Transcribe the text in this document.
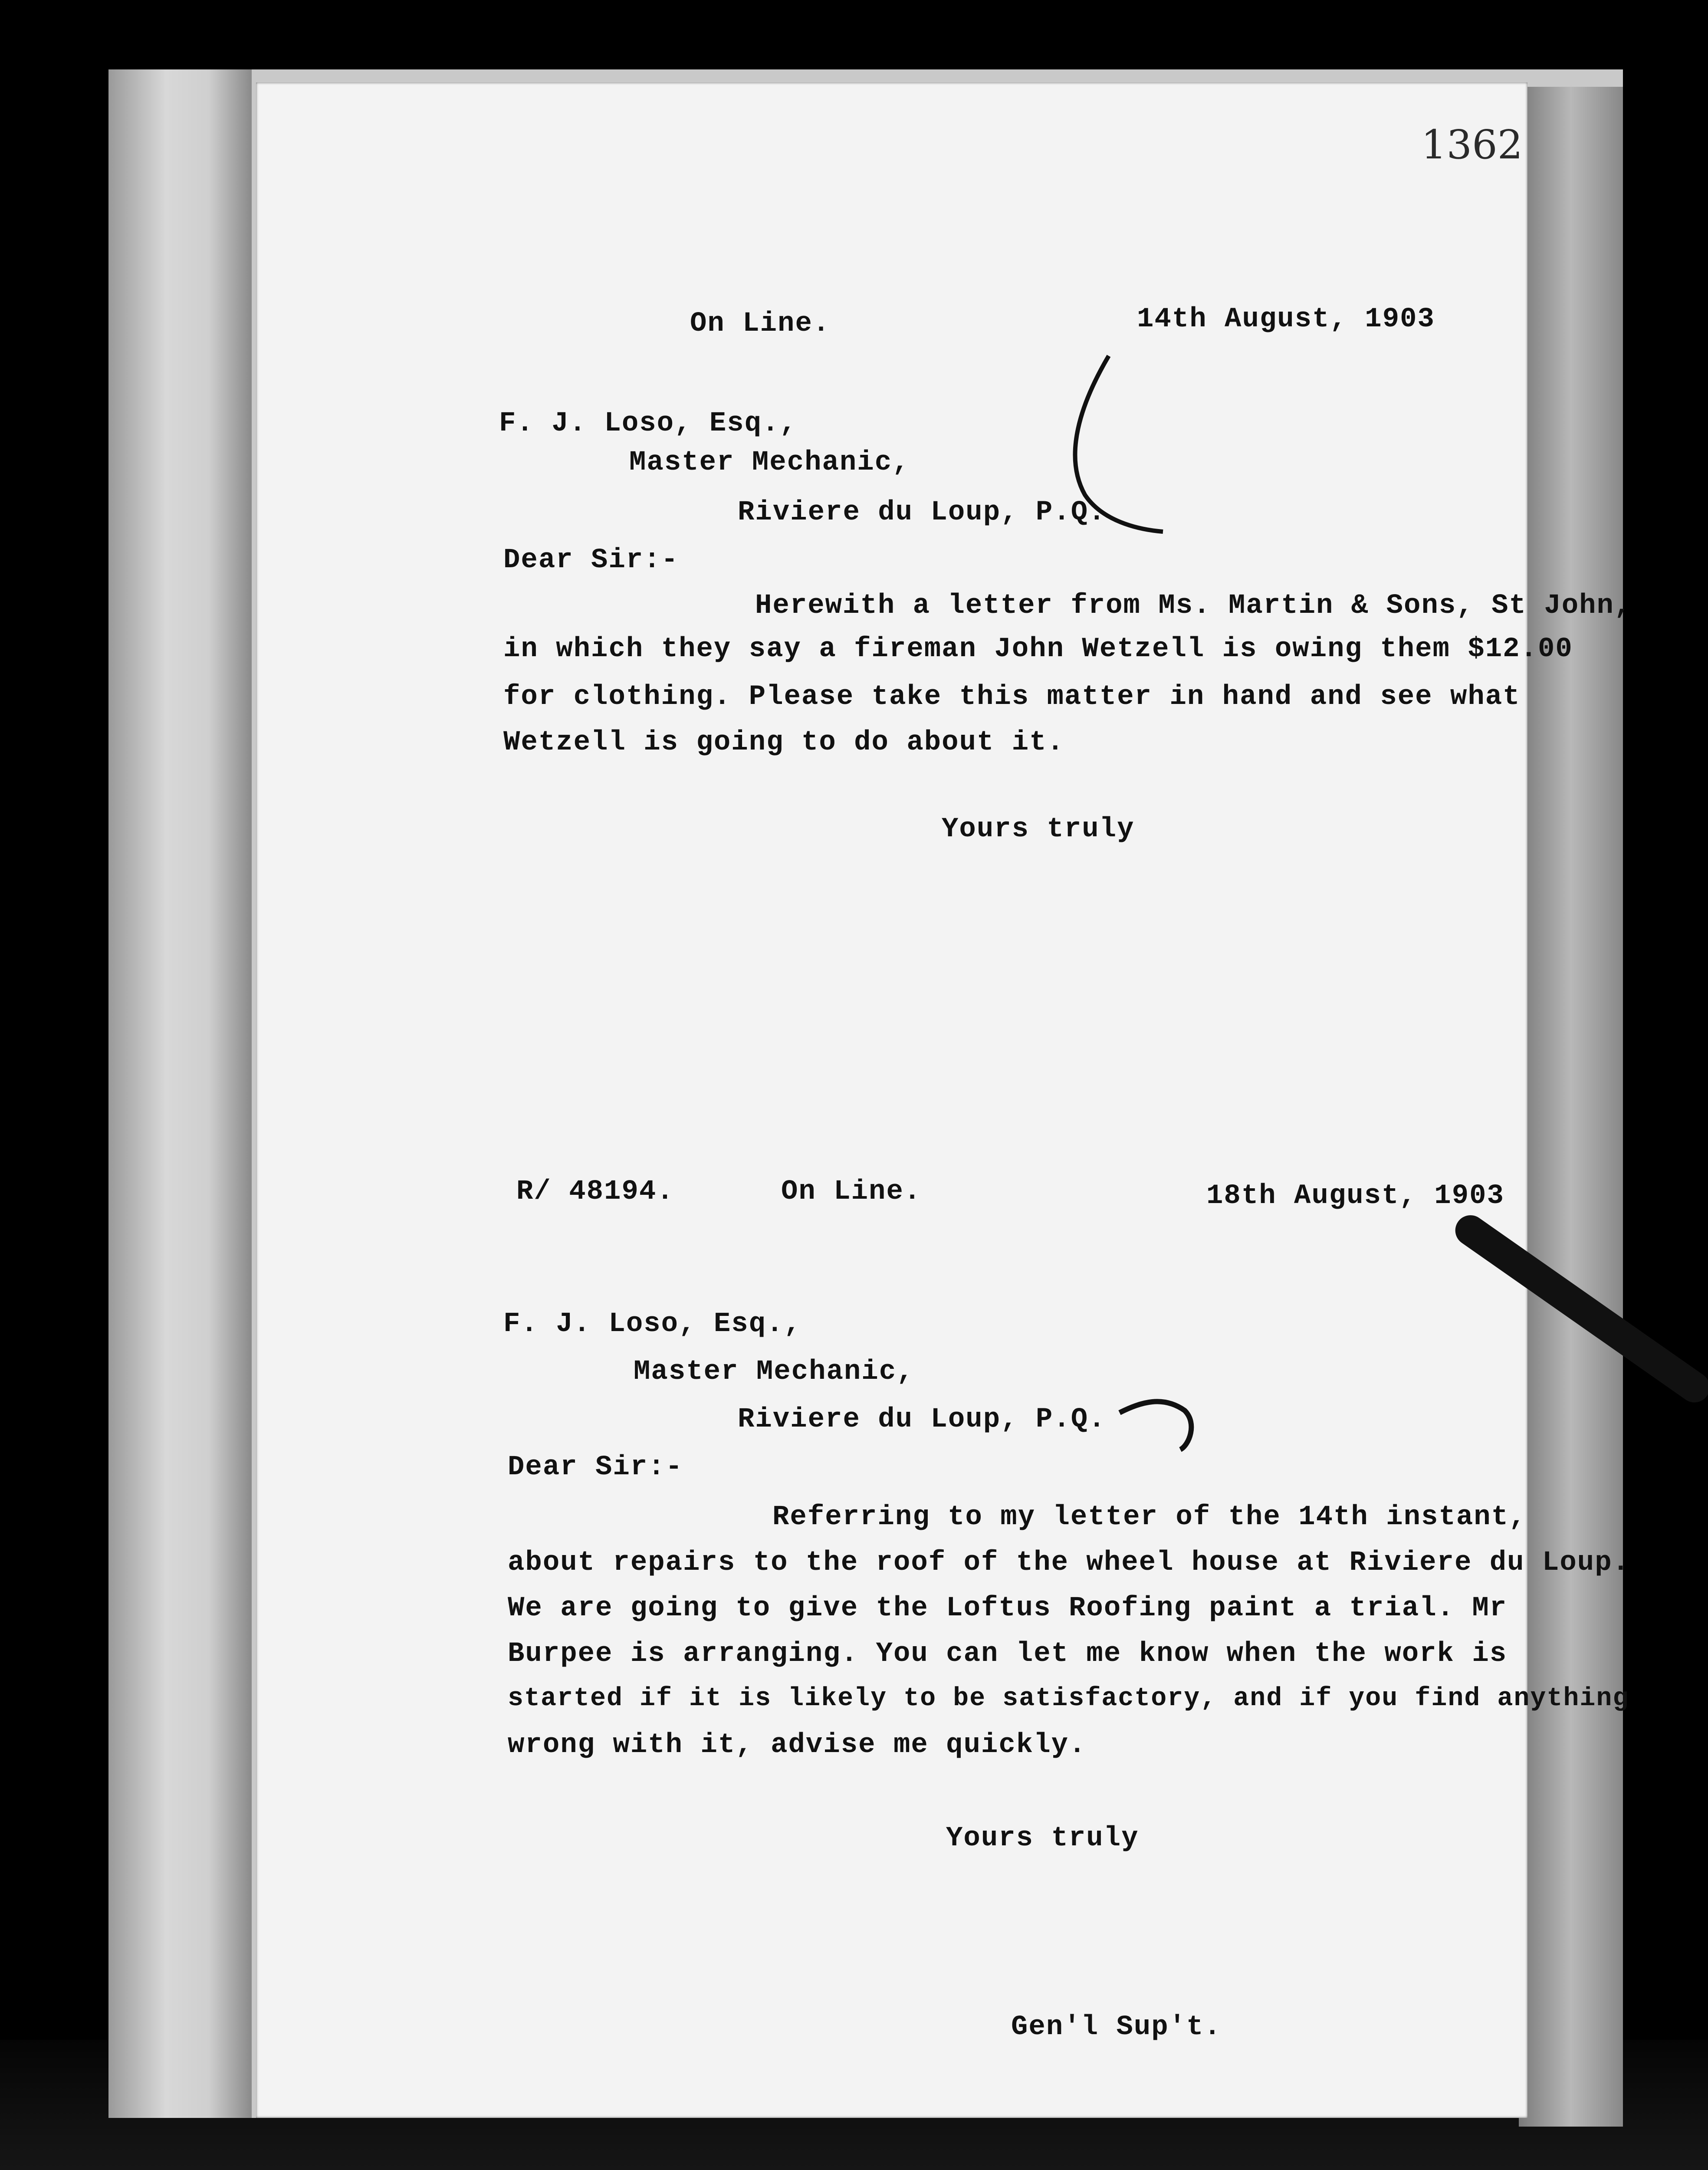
1362
On Line.	14th August, 1903
F. J. Loso, Esq.,
Master Mechanic,
Riviere du Loup, P.Q.
Dear Sir:-
Herewith a letter from Ms. Martin & Sons, St John,
in which they say a fireman John Wetzell is owing them $12.00
for clothing. Please take this matter in hand and see what
Wetzell is going to do about it.
Yours truly
R/ 48194.	On Line.	18th August, 1903
F. J. Loso, Esq.,
Master Mechanic,
Riviere du Loup, P.Q.
Dear Sir:-
Referring to my letter of the 14th instant,
about repairs to the roof of the wheel house at Riviere du Loup.
We are going to give the Loftus Roofing paint a trial. Mr
Burpee is arranging. You can let me know when the work is
started if it is likely to be satisfactory, and if you find anything
wrong with it, advise me quickly.
Yours truly
Gen'l Sup't.
